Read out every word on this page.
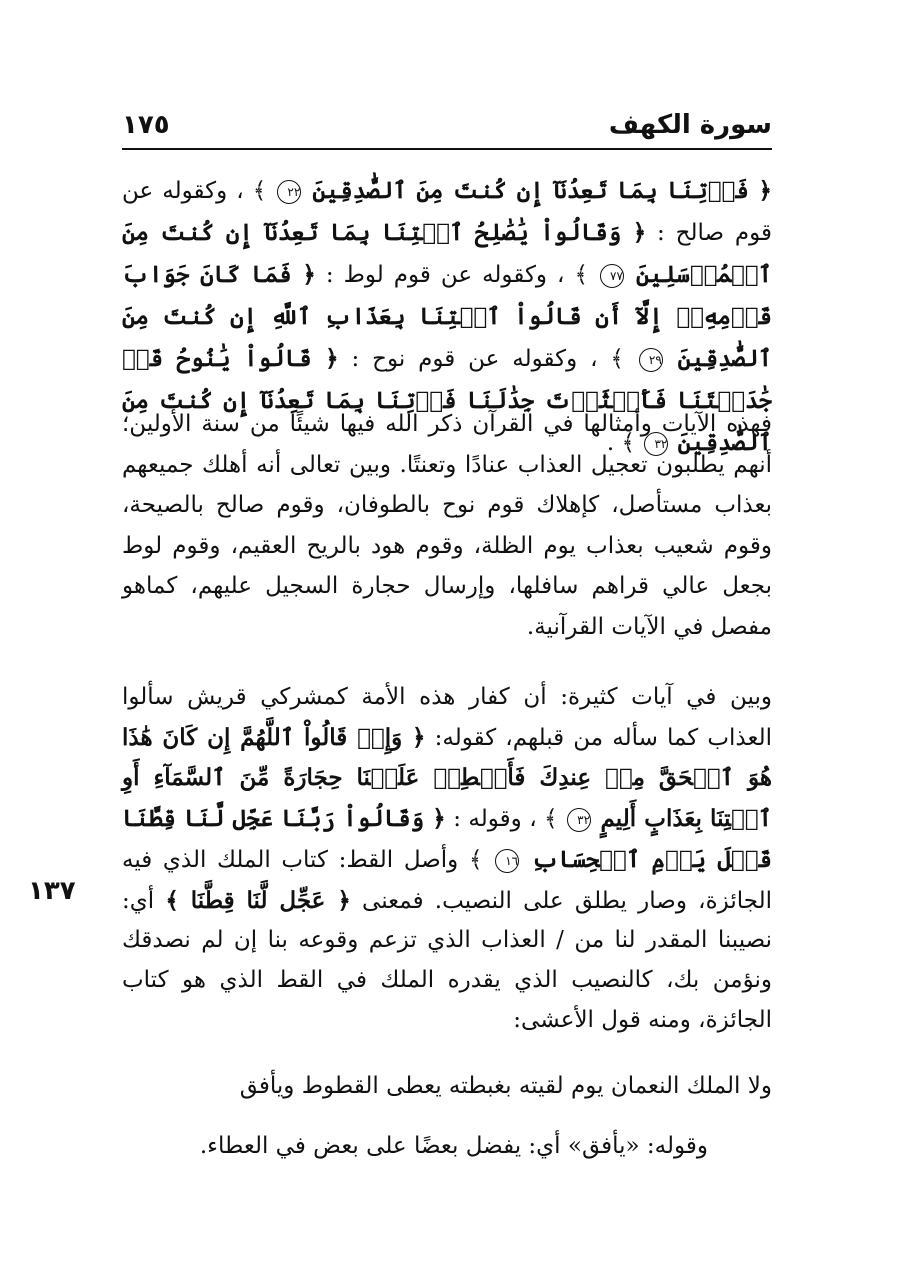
سورة الكهف
١٧٥
١٣٧

﴿ فَأۡتِنَا بِمَا تَعِدُنَآ إِن كُنتَ مِنَ ٱلصَّٰدِقِينَ ٢٢ ﴾ ، وكقوله عن قوم صالح : ﴿ وَقَالُواْ يَٰصَٰلِحُ ٱئۡتِنَا بِمَا تَعِدُنَآ إِن كُنتَ مِنَ ٱلۡمُرۡسَلِينَ ٧٧ ﴾ ، وكقوله عن قوم لوط : ﴿ فَمَا كَانَ جَوَابَ قَوۡمِهِۦٓ إِلَّآ أَن قَالُواْ ٱئۡتِنَا بِعَذَابِ ٱللَّهِ إِن كُنتَ مِنَ ٱلصَّٰدِقِينَ ٢٩ ﴾ ، وكقوله عن قوم نوح : ﴿ قَالُواْ يَٰنُوحُ قَدۡ جَٰدَلۡتَنَا فَأَكۡثَرۡتَ جِدَٰلَنَا فَأۡتِنَا بِمَا تَعِدُنَآ إِن كُنتَ مِنَ ٱلصَّٰدِقِينَ ٣٢ ﴾ .

فهذه الآيات وأمثالها في القرآن ذكر الله فيها شيئًا من سنة الأولين؛ أنهم يطلبون تعجيل العذاب عنادًا وتعنتًا. وبين تعالى أنه أهلك جميعهم بعذاب مستأصل، كإهلاك قوم نوح بالطوفان، وقوم صالح بالصيحة، وقوم شعيب بعذاب يوم الظلة، وقوم هود بالريح العقيم، وقوم لوط بجعل عالي قراهم سافلها، وإرسال حجارة السجيل عليهم، كماهو مفصل في الآيات القرآنية.

وبين في آيات كثيرة: أن كفار هذه الأمة كمشركي قريش سألوا العذاب كما سأله من قبلهم، كقوله: ﴿ وَإِذۡ قَالُواْ ٱللَّهُمَّ إِن كَانَ هَٰذَا هُوَ ٱلۡحَقَّ مِنۡ عِندِكَ فَأَمۡطِرۡ عَلَيۡنَا حِجَارَةً مِّنَ ٱلسَّمَآءِ أَوِ ٱئۡتِنَا بِعَذَابٍ أَلِيمٍ ٣٢ ﴾ ، وقوله : ﴿ وَقَالُواْ رَبَّنَا عَجِّل لَّنَا قِطَّنَا قَبۡلَ يَوۡمِ ٱلۡحِسَابِ ١٦ ﴾ وأصل القط: كتاب الملك الذي فيه الجائزة، وصار يطلق على النصيب. فمعنى ﴿ عَجِّل لَّنَا قِطَّنَا ﴾ أي: نصيبنا المقدر لنا من / العذاب الذي تزعم وقوعه بنا إن لم نصدقك ونؤمن بك، كالنصيب الذي يقدره الملك في القط الذي هو كتاب الجائزة، ومنه قول الأعشى:

ولا الملك النعمان يوم لقيته بغبطته يعطى القطوط ويأفق

وقوله: «يأفق» أي: يفضل بعضًا على بعض في العطاء.
